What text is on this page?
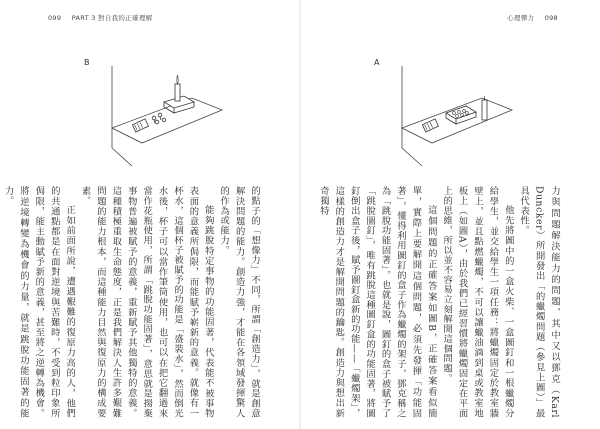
099 PART 3 對自我的正確理解
B

的點子的「想像力」不同，所謂「創造力」，就是創意解決問題的能力。創造力強，才能在各領域發揮驚人的作為或能力。

能夠跳脫特定事物的功能固著，代表能不被事物表面的意義所侷限，而能賦予嶄新的意義。就像有一杯水，這個杯子被賦予的功能是「盛裝水」，然而倒光水後，杯子可以當作筆筒使用，也可以在把它翻過來當作花瓶使用，所謂「跳脫功能固著」，意思就是揚棄事物普遍被賦予的意義，重新賦予其他獨特的意義。這種積極重取生命態度，正是我們解決人生許多艱難問題的能力根本，而這種能力目然與復原力的構成要素。

正如前面所說，遭遇艱難的復原力高的人，他們的共通點都是在面對逆境與苦難時，不受到粒印象所侷限，能主動賦予新的意義，甚至將之逆轉為機會。將逆境轉變為機會的力量，就是跳脫功能固著的能力。

心理彈力 098
A

力與問題解決能力的問題，其中又以鄧克（Karl Duncker）所開發出「的蠟燭問題（參見上圖）」最具代表性。

他先將圖中的一盒火柴、一盒圖釘和一根蠟燭分給學生，並交給學生一項任務：將蠟燭固定於教室牆壁上，並且點燃蠟燭，不可以讓蠟油滴到桌或教室地板上（如圖A），由於我們已經習慣將蠟燭固定在平面上的思維，所以並不容易立刻解開這個問題。

這個問題的正確答案如圖B，正確答案看似簡單，實際上要解開這個問題，必須先發揮「功能固著」，懂得利用圖釘的盒子作為蠟燭的架子，鄧克稱之為「跳脫功能固著」。也就是說，圖釘的盒子被賦予了「跳脫圖釘」，唯有跳脫這種圖釘盒的功能固著，將圖釘倒出盒子後，賦予圖釘盒新的功能——「蠟燭架」，這樣的創造力才是解開問題的鑰匙。創造力與想出新奇獨特
